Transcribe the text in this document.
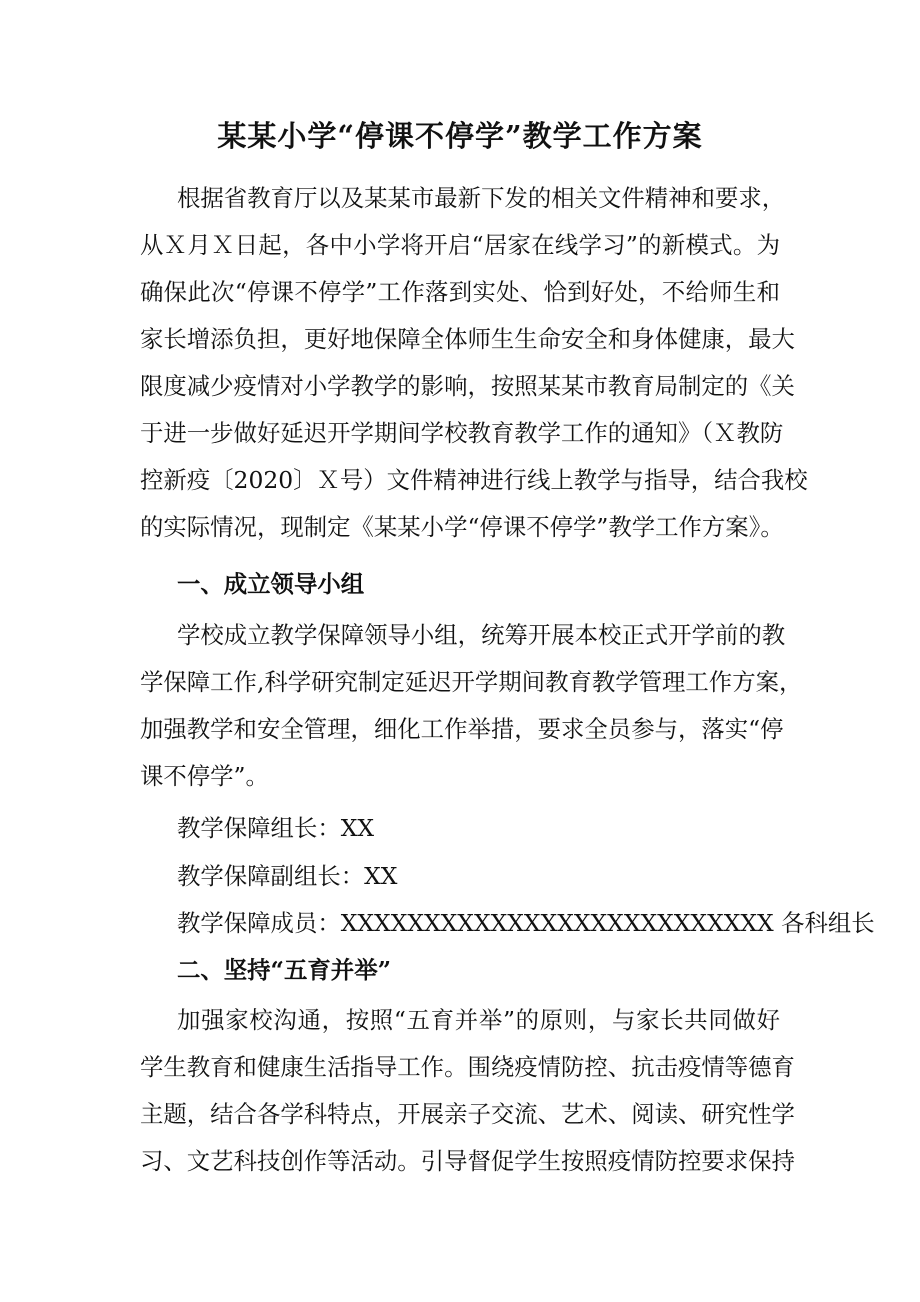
某某小学“停课不停学”教学工作方案
根据省教育厅以及某某市最新下发的相关文件精神和要求，
从Ｘ月Ｘ日起，各中小学将开启“居家在线学习”的新模式。为
确保此次“停课不停学”工作落到实处、恰到好处，不给师生和
家长增添负担，更好地保障全体师生生命安全和身体健康，最大
限度减少疫情对小学教学的影响，按照某某市教育局制定的《关
于进一步做好延迟开学期间学校教育教学工作的通知》（Ｘ教防
控新疫〔2020〕Ｘ号）文件精神进行线上教学与指导，结合我校
的实际情况，现制定《某某小学“停课不停学”教学工作方案》。
一、成立领导小组
学校成立教学保障领导小组，统筹开展本校正式开学前的教
学保障工作,科学研究制定延迟开学期间教育教学管理工作方案，
加强教学和安全管理，细化工作举措，要求全员参与，落实“停
课不停学”。
教学保障组长：XX
教学保障副组长：XX
教学保障成员：XXXXXXXXXXXXXXXXXXXXXXXXXX 各科组长
二、坚持“五育并举”
加强家校沟通，按照“五育并举”的原则，与家长共同做好
学生教育和健康生活指导工作。围绕疫情防控、抗击疫情等德育
主题，结合各学科特点，开展亲子交流、艺术、阅读、研究性学
习、文艺科技创作等活动。引导督促学生按照疫情防控要求保持
